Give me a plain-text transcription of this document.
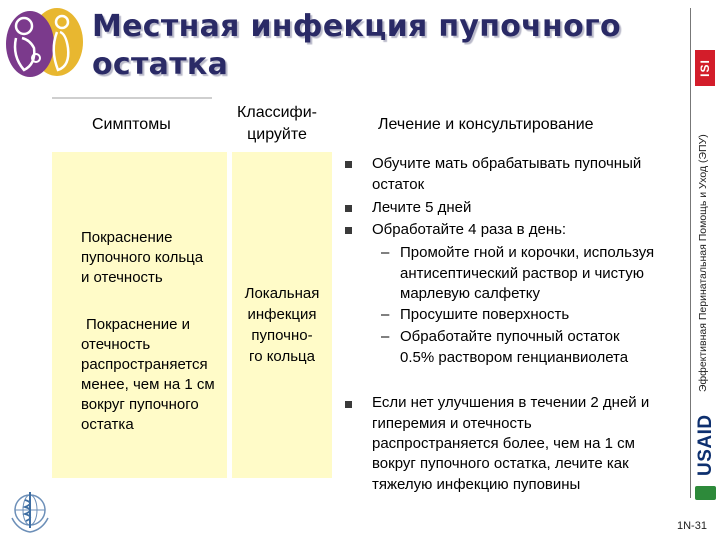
Местная инфекция пупочного
остатка	ISI
Эффективная Перинатальная Помощь и Уход (ЭПУ)
USAID
1N-31
Симптомы
Классифи-
цируйте
Лечение и консультирование
Покраснение
пупочного кольца
и отечность
Покраснение и
отечность
распространяется
менее, чем на 1 см
вокруг пупочного
остатка
Локальная
инфекция
пупочно-
го кольца
Обучите мать обрабатывать пупочный
остаток
Лечите 5 дней
Обработайте 4 раза в день:
– Промойте гной и корочки, используя
антисептический раствор и чистую
марлевую салфетку
– Просушите поверхность
– Обработайте пупочный остаток
0.5% раствором генцианвиолета
Если нет улучшения в течении 2 дней и
гиперемия и отечность
распространяется более, чем на 1 см
вокруг пупочного остатка, лечите как
тяжелую инфекцию пуповины
